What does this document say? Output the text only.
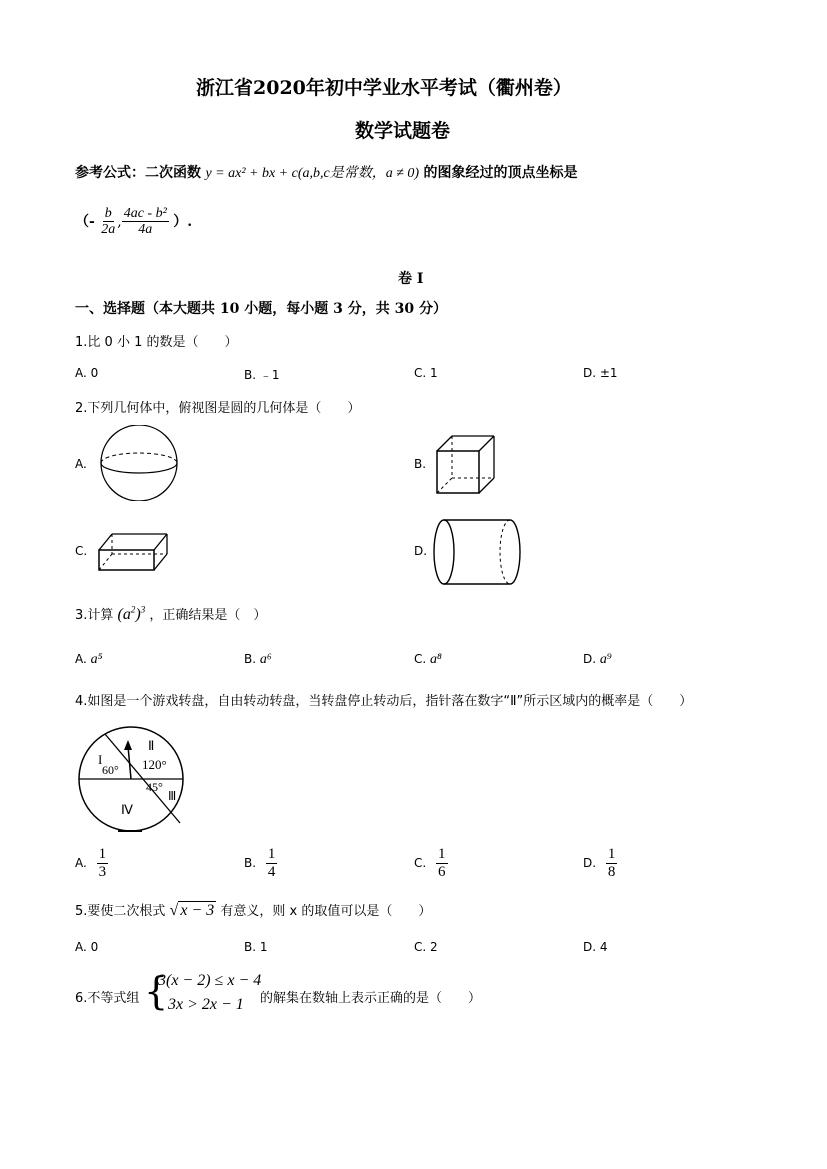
浙江省2020年初中学业水平考试（衢州卷）
数学试题卷
参考公式：二次函数 y = ax² + bx + c(a,b,c是常数，a ≠ 0) 的图象经过的顶点坐标是
（- $\frac{b}{2a}$ , $\frac{\text{4ac - b²}}{4a}$ ）.
卷 I
一、选择题（本大题共 10 小题，每小题 3 分，共 30 分）
1.比 0 小 1 的数是（　　）
A. 0	B. ﹣1	C. 1	D. ±1
2.下列几何体中，俯视图是圆的几何体是（　　）
A.	B.
C.	D.
3.计算 $(a^2)^3$ ，正确结果是（　）
A. a⁵	B. a⁶	C. a⁸	D. a⁹
4.如图是一个游戏转盘，自由转动转盘，当转盘停止转动后，指针落在数字“Ⅱ”所示区域内的概率是（　　）
I
Ⅱ
60° 120°
45°
Ⅲ
Ⅳ
A. $\frac{1}{3}$	B. $\frac{1}{4}$	C. $\frac{1}{6}$	D. $\frac{1}{8}$
5.要使二次根式 √ x − 3 有意义，则 x 的取值可以是（　　）
A. 0	B. 1	C. 2	D. 4
6.不等式组 {
3(x − 2) ≤ x − 4
3x > 2x − 1 的解集在数轴上表示正确的是（　　）
